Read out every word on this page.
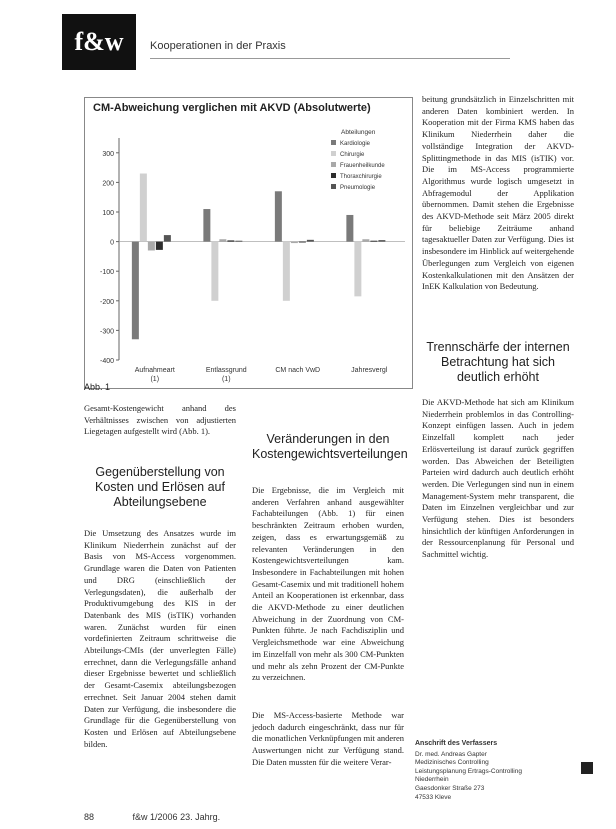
f&w	Kooperationen in der Praxis
CM-Abweichung verglichen mit AKVD (Absolutwerte)
-400
-300
-200
-100
0
100
200
300
Aufnahmeart
(1)
Entlassgrund
(1)
CM nach VwD	Jahresvergl
Abteilungen
Kardiologie
Chirurgie
Frauenheilkunde
Thoraxchirurgie
Pneumologie
Abb. 1
Gesamt-Kostengewicht anhand des Verhältnisses zwischen von adjustierten Liegetagen aufgestellt wird (Abb. 1).
Gegenüberstellung von Kosten und Erlösen auf Abteilungsebene
Die Umsetzung des Ansatzes wurde im Klinikum Niederrhein zunächst auf der Basis von MS-Access vorgenommen. Grundlage waren die Daten von Patienten und DRG (einschließlich der Verlegungsdaten), die außerhalb der Produktivumgebung des KIS in der Datenbank des MIS (isTIK) vorhanden waren. Zunächst wurden für einen vordefinierten Zeitraum schrittweise die Abteilungs-CMIs (der unverlegten Fälle) errechnet, dann die Verlegungsfälle anhand dieser Ergebnisse bewertet und schließlich der Gesamt-Casemix abteilungsbezogen errechnet. Seit Januar 2004 stehen damit Daten zur Verfügung, die insbesondere die Grundlage für die Gegenüberstellung von Kosten und Erlösen auf Abteilungsebene bilden.
Veränderungen in den Kostengewichtsverteilungen
Die Ergebnisse, die im Vergleich mit anderen Verfahren anhand ausgewählter Fachabteilungen (Abb. 1) für einen beschränkten Zeitraum erhoben wurden, zeigen, dass es erwartungsgemäß zu relevanten Veränderungen in den Kostengewichtsverteilungen kam. Insbesondere in Fachabteilungen mit hohen Gesamt-Casemix und mit traditionell hohem Anteil an Kooperationen ist erkennbar, dass die AKVD-Methode zu einer deutlichen Abweichung in der Zuordnung von CM-Punkten führte. Je nach Fachdisziplin und Vergleichsmethode war eine Abweichung im Einzelfall von mehr als 300 CM-Punkten und mehr als zehn Prozent der CM-Punkte zu verzeichnen.
Die MS-Access-basierte Methode war jedoch dadurch eingeschränkt, dass nur für die monatlichen Verknüpfungen mit anderen Auswertungen nicht zur Verfügung stand. Die Daten mussten für die weitere Verar-
beitung grundsätzlich in Einzelschritten mit anderen Daten kombiniert werden. In Kooperation mit der Firma KMS haben das Klinikum Niederrhein daher die vollständige Integration der AKVD-Splittingmethode in das MIS (isTIK) vor. Die im MS-Access programmierte Algorithmus wurde logisch umgesetzt in Abfragemodul der Applikation übernommen. Damit stehen die Ergebnisse des AKVD-Methode seit März 2005 direkt für beliebige Zeiträume anhand tagesaktueller Daten zur Verfügung. Dies ist insbesondere im Hinblick auf weitergehende Überlegungen zum Vergleich von eigenen Kostenkalkulationen mit den Ansätzen der InEK Kalkulation von Bedeutung.
Trennschärfe der internen Betrachtung hat sich deutlich erhöht
Die AKVD-Methode hat sich am Klinikum Niederrhein problemlos in das Controlling-Konzept einfügen lassen. Auch in jedem Einzelfall komplett nach jeder Erlösverteilung ist darauf zurück gegriffen worden. Das Abweichen der Beteiligten Parteien wird dadurch auch deutlich erhöht werden. Die Verlegungen sind nun in einem Management-System mehr transparent, die Daten im Einzelnen vergleichbar und zur Verfügung stehen. Dies ist besonders hinsichtlich der künftigen Anforderungen in der Ressourcenplanung für Personal und Sachmittel wichtig.
Anschrift des Verfassers
Dr. med. Andreas Gapter
Medizinisches Controlling
Leistungsplanung Ertrags-Controlling
Niederrhein
Gaesdonker Straße 273
47533 Kleve
88	f&w 1/2006 23. Jahrg.
